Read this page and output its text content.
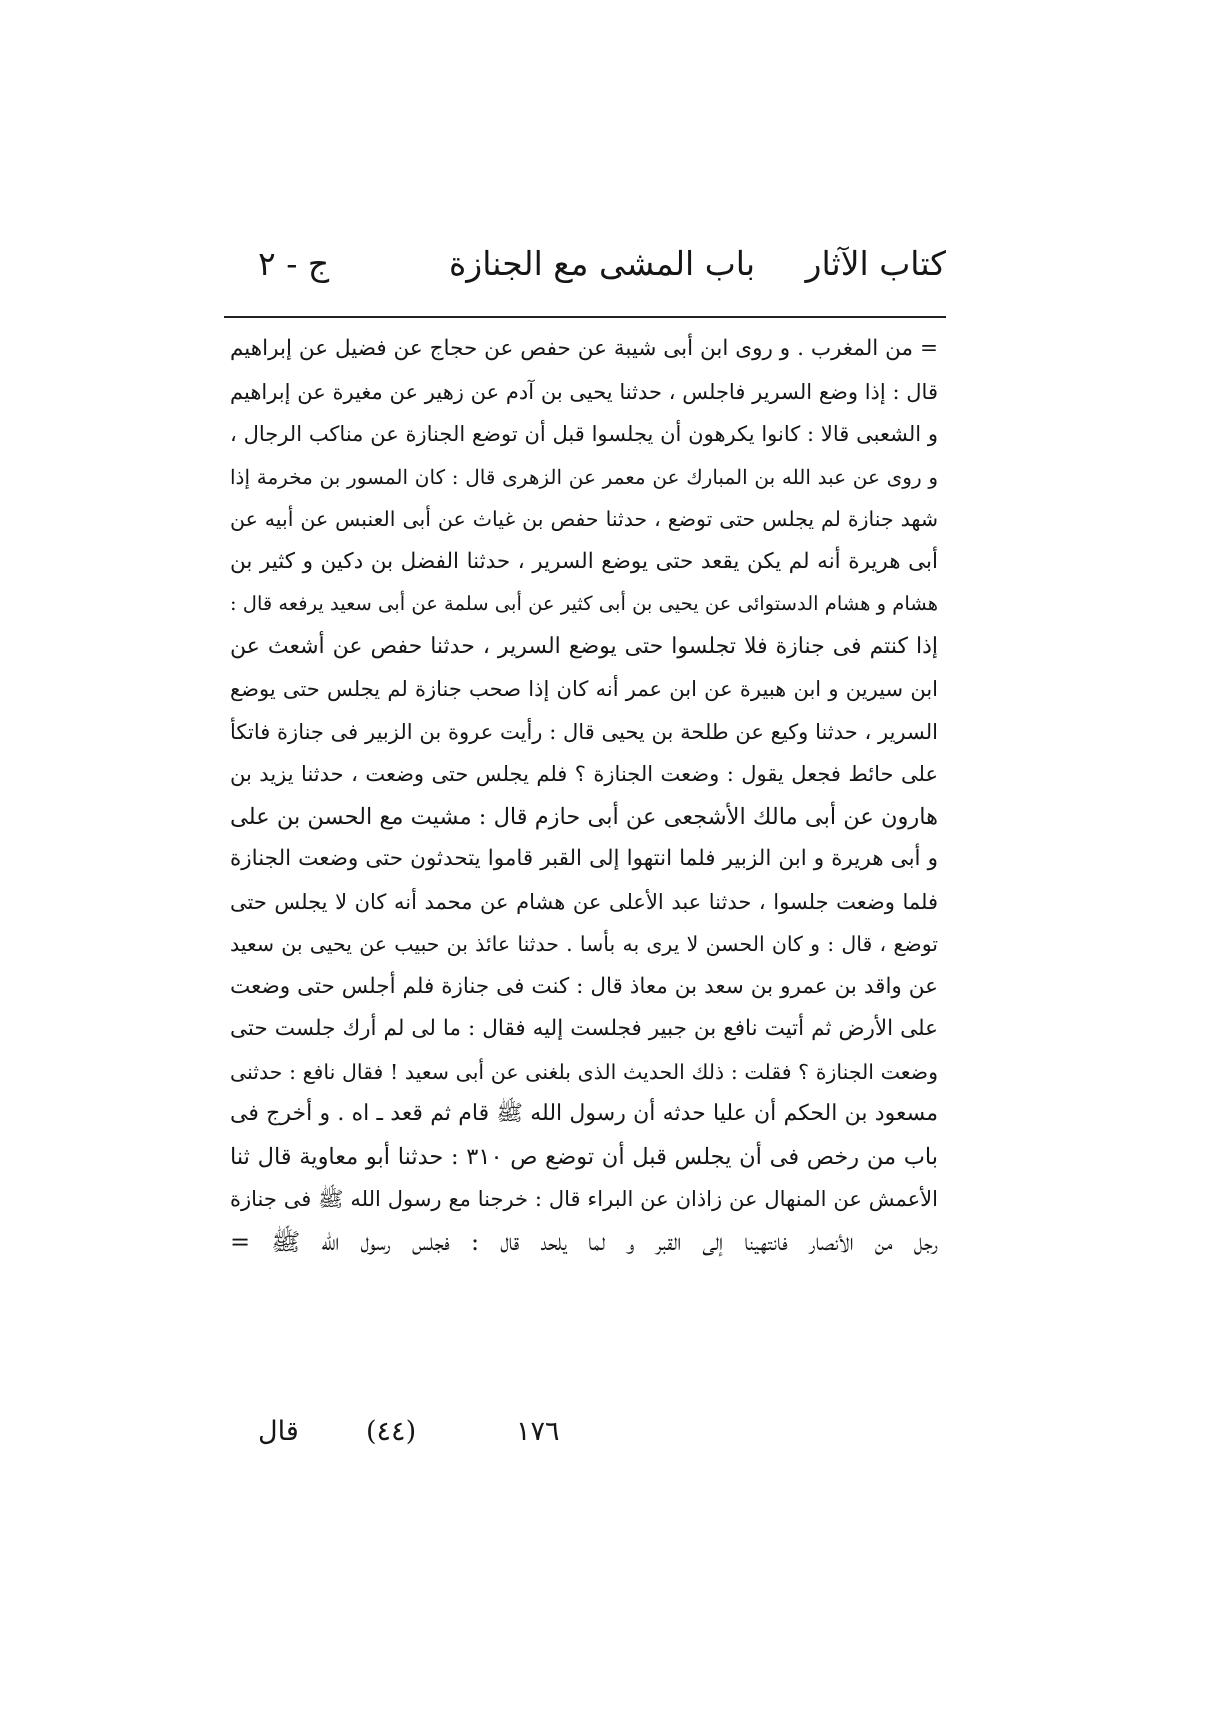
كتاب الآثار
باب المشى مع الجنازة
ج - ٢
= من المغرب . و روى ابن أبى شيبة عن حفص عن حجاج عن فضيل عن إبراهيم
قال : إذا وضع السرير فاجلس ، حدثنا يحيى بن آدم عن زهير عن مغيرة عن إبراهيم
و الشعبى قالا : كانوا يكرهون أن يجلسوا قبل أن توضع الجنازة عن مناكب الرجال ،
و روى عن عبد الله بن المبارك عن معمر عن الزهرى قال : كان المسور بن مخرمة إذا
شهد جنازة لم يجلس حتى توضع ، حدثنا حفص بن غياث عن أبى العنبس عن أبيه عن
أبى هريرة أنه لم يكن يقعد حتى يوضع السرير ، حدثنا الفضل بن دكين و كثير بن
هشام و هشام الدستوائى عن يحيى بن أبى كثير عن أبى سلمة عن أبى سعيد يرفعه قال :
إذا كنتم فى جنازة فلا تجلسوا حتى يوضع السرير ، حدثنا حفص عن أشعث عن
ابن سيرين و ابن هبيرة عن ابن عمر أنه كان إذا صحب جنازة لم يجلس حتى يوضع
السرير ، حدثنا وكيع عن طلحة بن يحيى قال : رأيت عروة بن الزبير فى جنازة فاتكأ
على حائط فجعل يقول : وضعت الجنازة ؟ فلم يجلس حتى وضعت ، حدثنا يزيد بن
هارون عن أبى مالك الأشجعى عن أبى حازم قال : مشيت مع الحسن بن على
و أبى هريرة و ابن الزبير فلما انتهوا إلى القبر قاموا يتحدثون حتى وضعت الجنازة
فلما وضعت جلسوا ، حدثنا عبد الأعلى عن هشام عن محمد أنه كان لا يجلس حتى
توضع ، قال : و كان الحسن لا يرى به بأسا . حدثنا عائذ بن حبيب عن يحيى بن سعيد
عن واقد بن عمرو بن سعد بن معاذ قال : كنت فى جنازة فلم أجلس حتى وضعت
على الأرض ثم أتيت نافع بن جبير فجلست إليه فقال : ما لى لم أرك جلست حتى
وضعت الجنازة ؟ فقلت : ذلك الحديث الذى بلغنى عن أبى سعيد ! فقال نافع : حدثنى
مسعود بن الحكم أن عليا حدثه أن رسول الله ﷺ قام ثم قعد ـ اه . و أخرج فى
باب من رخص فى أن يجلس قبل أن توضع ص ٣١٠ : حدثنا أبو معاوية قال ثنا
الأعمش عن المنهال عن زاذان عن البراء قال : خرجنا مع رسول الله ﷺ فى جنازة
رجل من الأنصار فانتهينا إلى القبر و لما يلحد قال : فجلس رسول الله ﷺ =
قال (٤٤)	١٧٦
